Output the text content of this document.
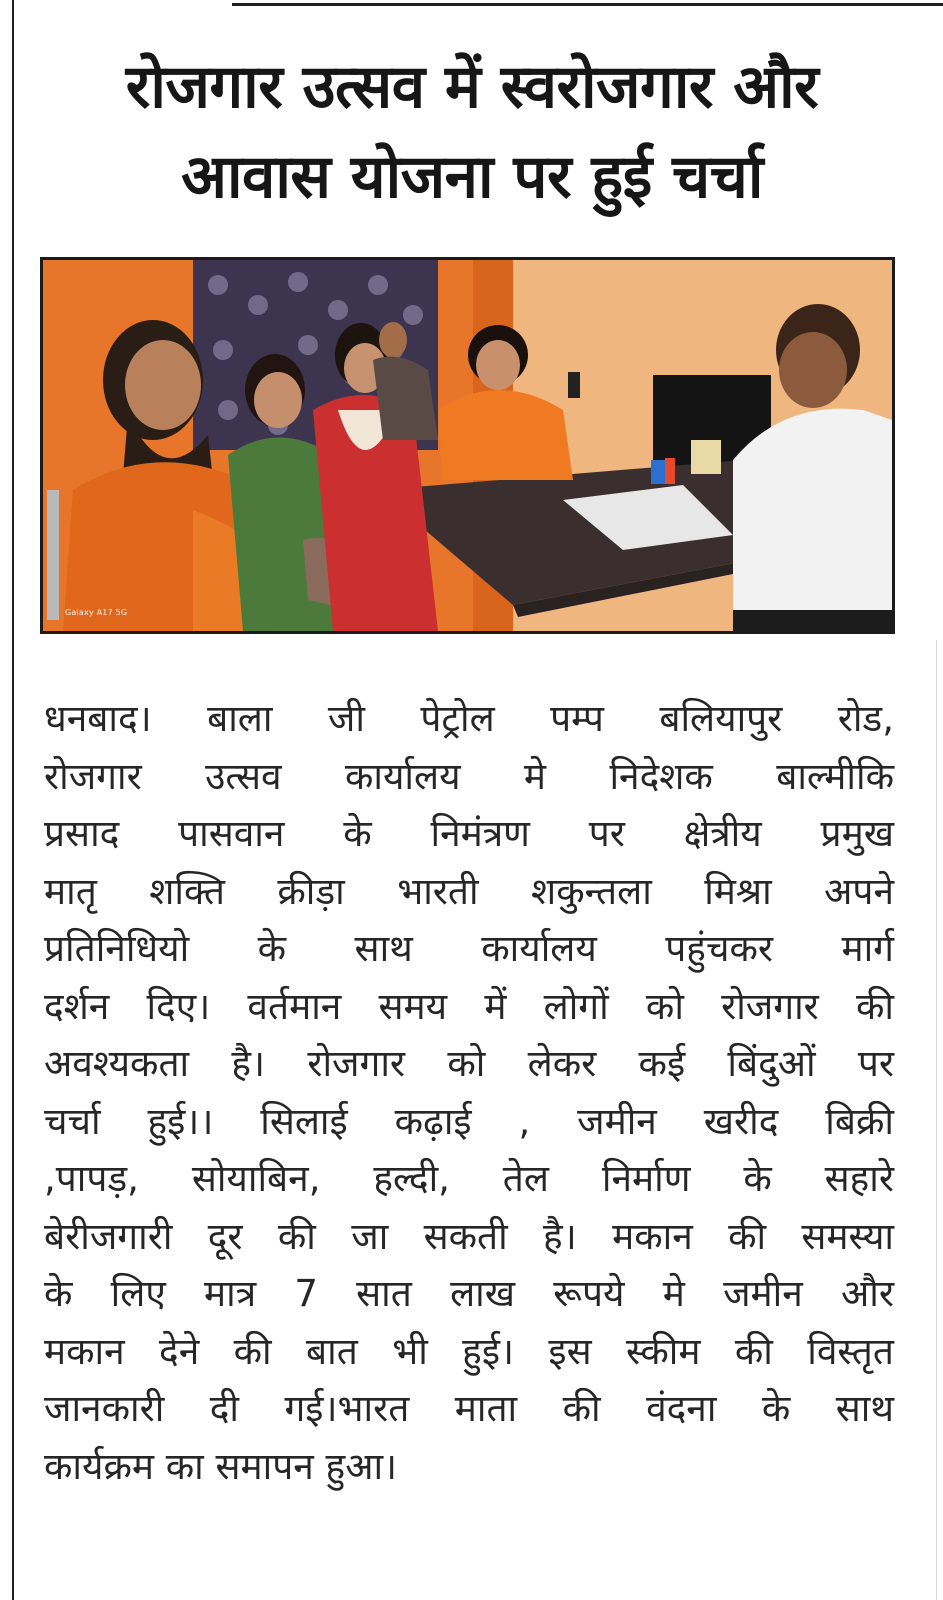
रोजगार उत्सव में स्वरोजगार और
आवास योजना पर हुई चर्चा
Galaxy A17 5G
धनबाद। बाला जी पेट्रोल पम्प बलियापुर रोड,
रोजगार उत्सव कार्यालय मे निदेशक बाल्मीकि
प्रसाद पासवान के निमंत्रण पर क्षेत्रीय प्रमुख
मातृ शक्ति क्रीड़ा भारती शकुन्तला मिश्रा अपने
प्रतिनिधियो के साथ कार्यालय पहुंचकर मार्ग
दर्शन दिए। वर्तमान समय में लोगों को रोजगार की
अवश्यकता है। रोजगार को लेकर कई बिंदुओं पर
चर्चा हुई।। सिलाई कढ़ाई , जमीन खरीद बिक्री
,पापड़, सोयाबिन, हल्दी, तेल निर्माण के सहारे
बेरीजगारी दूर की जा सकती है। मकान की समस्या
के लिए मात्र 7 सात लाख रूपये मे जमीन और
मकान देने की बात भी हुई। इस स्कीम की विस्तृत
जानकारी दी गई।भारत माता की वंदना के साथ
कार्यक्रम का समापन हुआ।
